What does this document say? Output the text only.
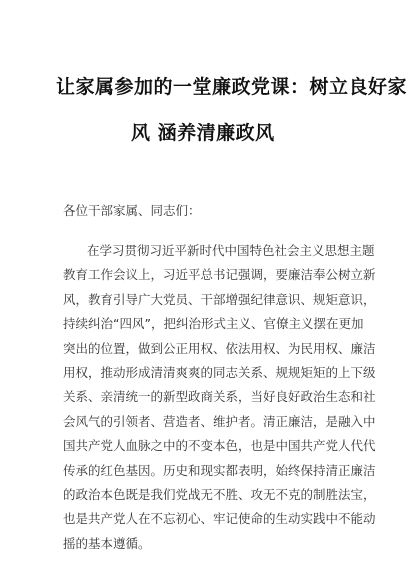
让家属参加的一堂廉政党课：树立良好家
风 涵养清廉政风

各位干部家属、同志们：

在学习贯彻习近平新时代中国特色社会主义思想主题
教育工作会议上，习近平总书记强调，要廉洁奉公树立新
风，教育引导广大党员、干部增强纪律意识、规矩意识，
持续纠治“四风”，把纠治形式主义、官僚主义摆在更加
突出的位置，做到公正用权、依法用权、为民用权、廉洁
用权，推动形成清清爽爽的同志关系、规规矩矩的上下级
关系、亲清统一的新型政商关系，当好良好政治生态和社
会风气的引领者、营造者、维护者。清正廉洁，是融入中
国共产党人血脉之中的不变本色，也是中国共产党人代代
传承的红色基因。历史和现实都表明，始终保持清正廉洁
的政治本色既是我们党战无不胜、攻无不克的制胜法宝，
也是共产党人在不忘初心、牢记使命的生动实践中不能动
摇的基本遵循。
